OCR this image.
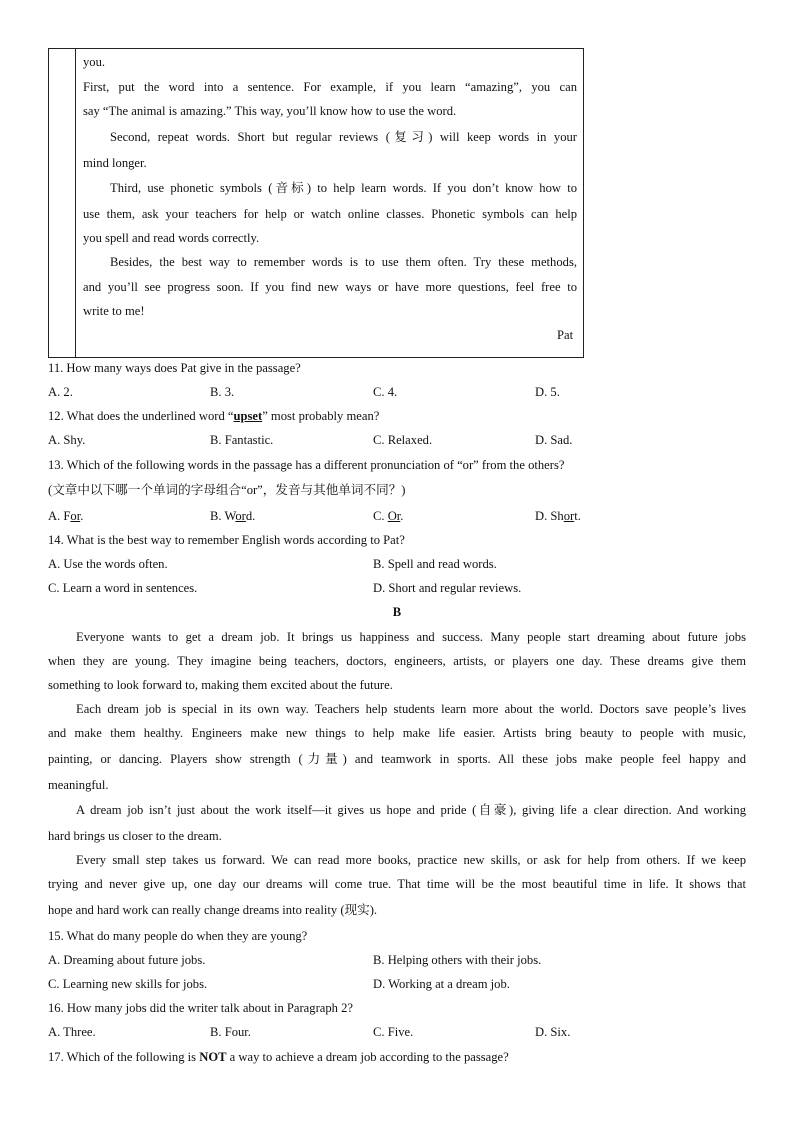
you.
First, put the word into a sentence. For example, if you learn “amazing”, you can
say “The animal is amazing.” This way, you’ll know how to use the word.
Second, repeat words. Short but regular reviews (复习) will keep words in your
mind longer.
Third, use phonetic symbols (音标) to help learn words. If you don’t know how to
use them, ask your teachers for help or watch online classes. Phonetic symbols can help
you spell and read words correctly.
Besides, the best way to remember words is to use them often. Try these methods,
and you’ll see progress soon. If you find new ways or have more questions, feel free to
write to me!
Pat
11. How many ways does Pat give in the passage?
A. 2.	B. 3.	C. 4.	D. 5.
12. What does the underlined word “upset” most probably mean?
A. Shy.	B. Fantastic.	C. Relaxed.	D. Sad.
13. Which of the following words in the passage has a different pronunciation of “or” from the others?
(文章中以下哪一个单词的字母组合“or”，发音与其他单词不同？)
A. For.	B. Word.	C. Or.	D. Short.
14. What is the best way to remember English words according to Pat?
A. Use the words often.	B. Spell and read words.
C. Learn a word in sentences.	D. Short and regular reviews.
B
Everyone wants to get a dream job. It brings us happiness and success. Many people start dreaming about future jobs
when they are young. They imagine being teachers, doctors, engineers, artists, or players one day. These dreams give them
something to look forward to, making them excited about the future.
Each dream job is special in its own way. Teachers help students learn more about the world. Doctors save people’s lives
and make them healthy. Engineers make new things to help make life easier. Artists bring beauty to people with music,
painting, or dancing. Players show strength (力量) and teamwork in sports. All these jobs make people feel happy and
meaningful.
A dream job isn’t just about the work itself—it gives us hope and pride (自豪), giving life a clear direction. And working
hard brings us closer to the dream.
Every small step takes us forward. We can read more books, practice new skills, or ask for help from others. If we keep
trying and never give up, one day our dreams will come true. That time will be the most beautiful time in life. It shows that
hope and hard work can really change dreams into reality (现实).
15. What do many people do when they are young?
A. Dreaming about future jobs.	B. Helping others with their jobs.
C. Learning new skills for jobs.	D. Working at a dream job.
16. How many jobs did the writer talk about in Paragraph 2?
A. Three.	B. Four.	C. Five.	D. Six.
17. Which of the following is NOT a way to achieve a dream job according to the passage?
